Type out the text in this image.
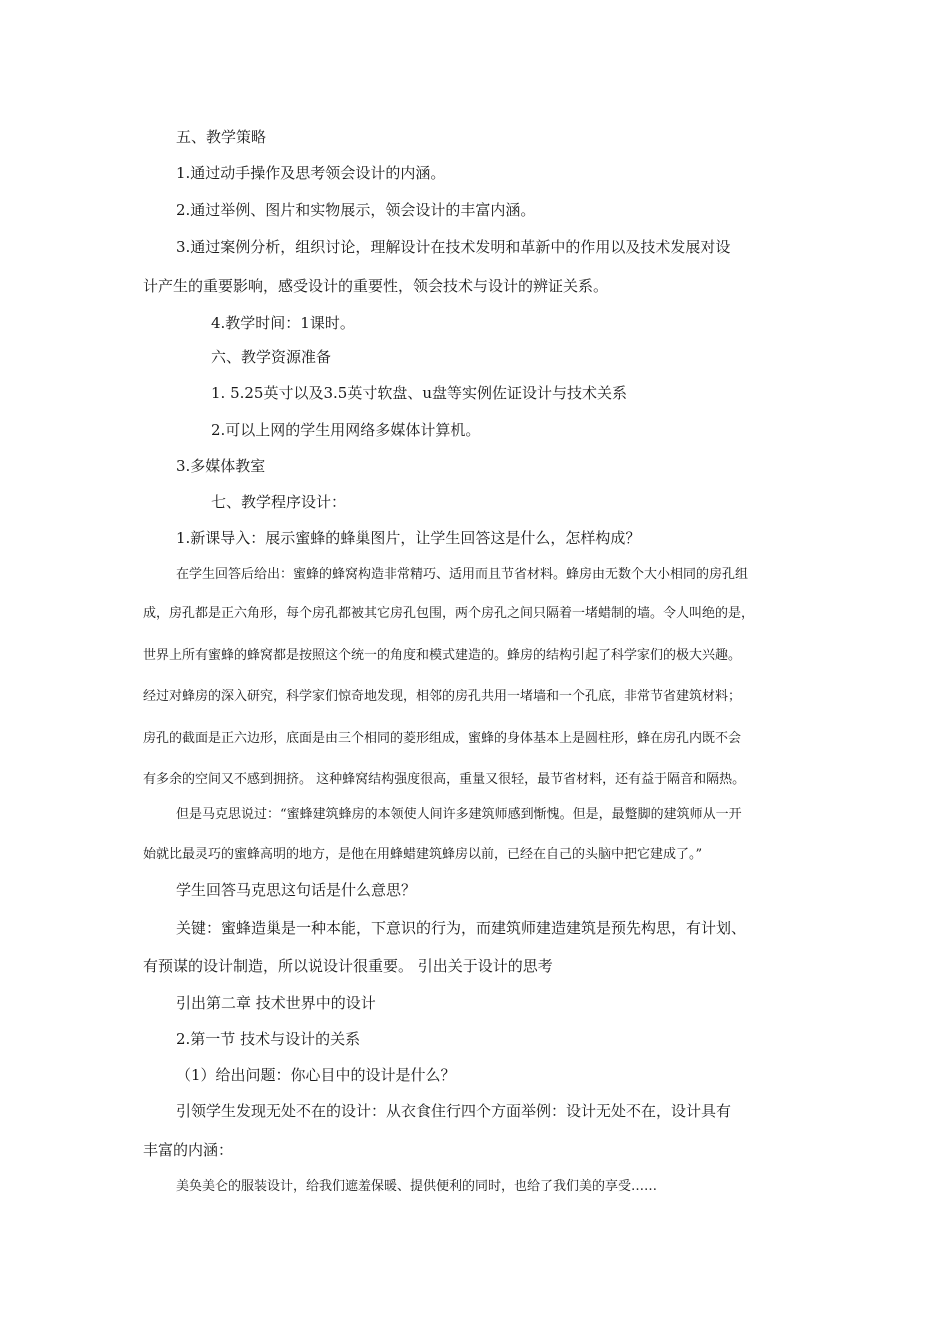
五、教学策略
1.通过动手操作及思考领会设计的内涵。
2.通过举例、图片和实物展示，领会设计的丰富内涵。
3.通过案例分析，组织讨论，理解设计在技术发明和革新中的作用以及技术发展对设
计产生的重要影响，感受设计的重要性，领会技术与设计的辨证关系。
4.教学时间：1课时。
六、教学资源准备
1. 5.25英寸以及3.5英寸软盘、u盘等实例佐证设计与技术关系
2.可以上网的学生用网络多媒体计算机。
3.多媒体教室
七、教学程序设计：
1.新课导入：展示蜜蜂的蜂巢图片，让学生回答这是什么，怎样构成？
在学生回答后给出：蜜蜂的蜂窝构造非常精巧、适用而且节省材料。蜂房由无数个大小相同的房孔组
成，房孔都是正六角形，每个房孔都被其它房孔包围，两个房孔之间只隔着一堵蜡制的墙。令人叫绝的是，
世界上所有蜜蜂的蜂窝都是按照这个统一的角度和模式建造的。蜂房的结构引起了科学家们的极大兴趣。
经过对蜂房的深入研究，科学家们惊奇地发现，相邻的房孔共用一堵墙和一个孔底，非常节省建筑材料；
房孔的截面是正六边形，底面是由三个相同的菱形组成，蜜蜂的身体基本上是圆柱形，蜂在房孔内既不会
有多余的空间又不感到拥挤。 这种蜂窝结构强度很高，重量又很轻，最节省材料，还有益于隔音和隔热。
但是马克思说过：“蜜蜂建筑蜂房的本领使人间许多建筑师感到惭愧。但是，最蹩脚的建筑师从一开
始就比最灵巧的蜜蜂高明的地方，是他在用蜂蜡建筑蜂房以前，已经在自己的头脑中把它建成了。”
学生回答马克思这句话是什么意思？
关键：蜜蜂造巢是一种本能，下意识的行为，而建筑师建造建筑是预先构思，有计划、
有预谋的设计制造，所以说设计很重要。 引出关于设计的思考
引出第二章 技术世界中的设计
2.第一节 技术与设计的关系
（1）给出问题：你心目中的设计是什么？
引领学生发现无处不在的设计：从衣食住行四个方面举例：设计无处不在，设计具有
丰富的内涵：
美奂美仑的服装设计，给我们遮羞保暖、提供便利的同时，也给了我们美的享受……
